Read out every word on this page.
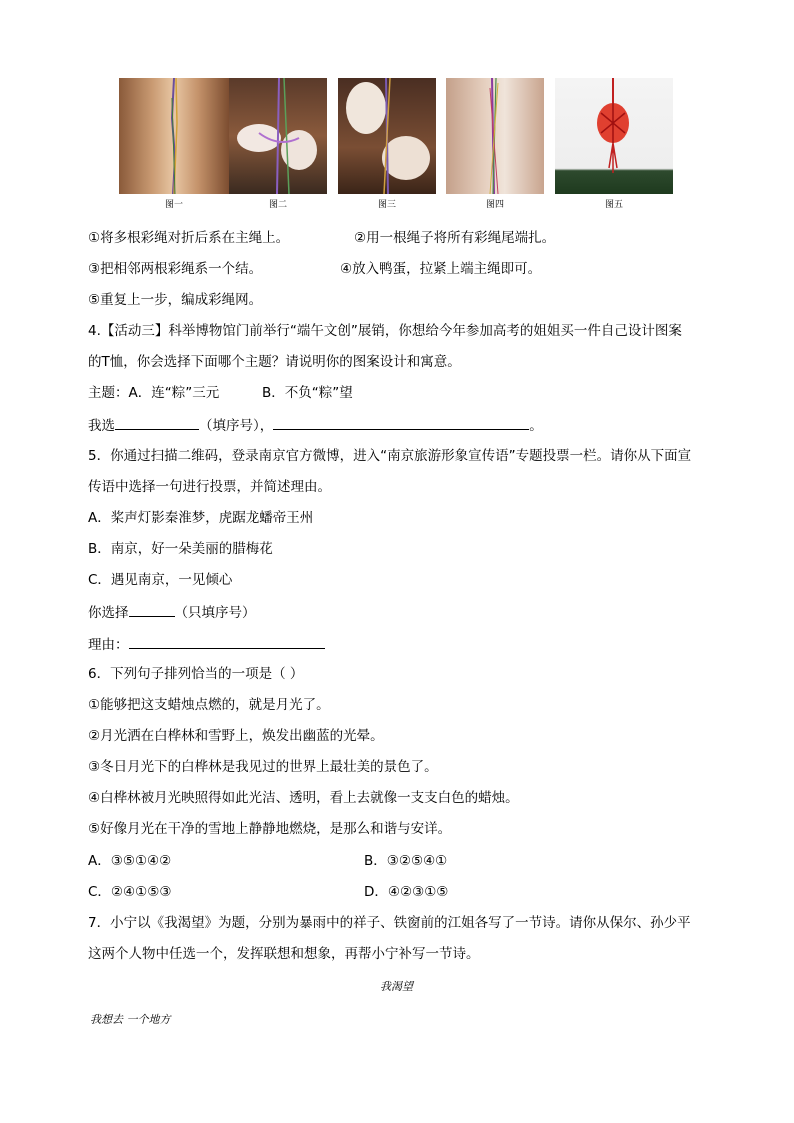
图一	图二	图三	图四	图五
①将多根彩绳对折后系在主绳上。	②用一根绳子将所有彩绳尾端扎。
③把相邻两根彩绳系一个结。	④放入鸭蛋，拉紧上端主绳即可。
⑤重复上一步，编成彩绳网。
4.【活动三】科举博物馆门前举行“端午文创”展销，你想给今年参加高考的姐姐买一件自己设计图案
的T恤，你会选择下面哪个主题？请说明你的图案设计和寓意。
主题：A．连“粽”三元	B．不负“粽”望
我选	（填序号），	。
5．你通过扫描二维码，登录南京官方微博，进入“南京旅游形象宣传语”专题投票一栏。请你从下面宣
传语中选择一句进行投票，并简述理由。
A．桨声灯影秦淮梦，虎踞龙蟠帝王州
B．南京，好一朵美丽的腊梅花
C．遇见南京，一见倾心
你选择	（只填序号）
理由：
6．下列句子排列恰当的一项是（ ）
①能够把这支蜡烛点燃的，就是月光了。
②月光洒在白桦林和雪野上，焕发出幽蓝的光晕。
③冬日月光下的白桦林是我见过的世界上最壮美的景色了。
④白桦林被月光映照得如此光洁、透明，看上去就像一支支白色的蜡烛。
⑤好像月光在干净的雪地上静静地燃烧，是那么和谐与安详。
A．③⑤①④②	B．③②⑤④①
C．②④①⑤③	D．④②③①⑤
7．小宁以《我渴望》为题，分别为暴雨中的祥子、铁窗前的江姐各写了一节诗。请你从保尔、孙少平
这两个人物中任选一个，发挥联想和想象，再帮小宁补写一节诗。
我渴望
我想去 一个地方
